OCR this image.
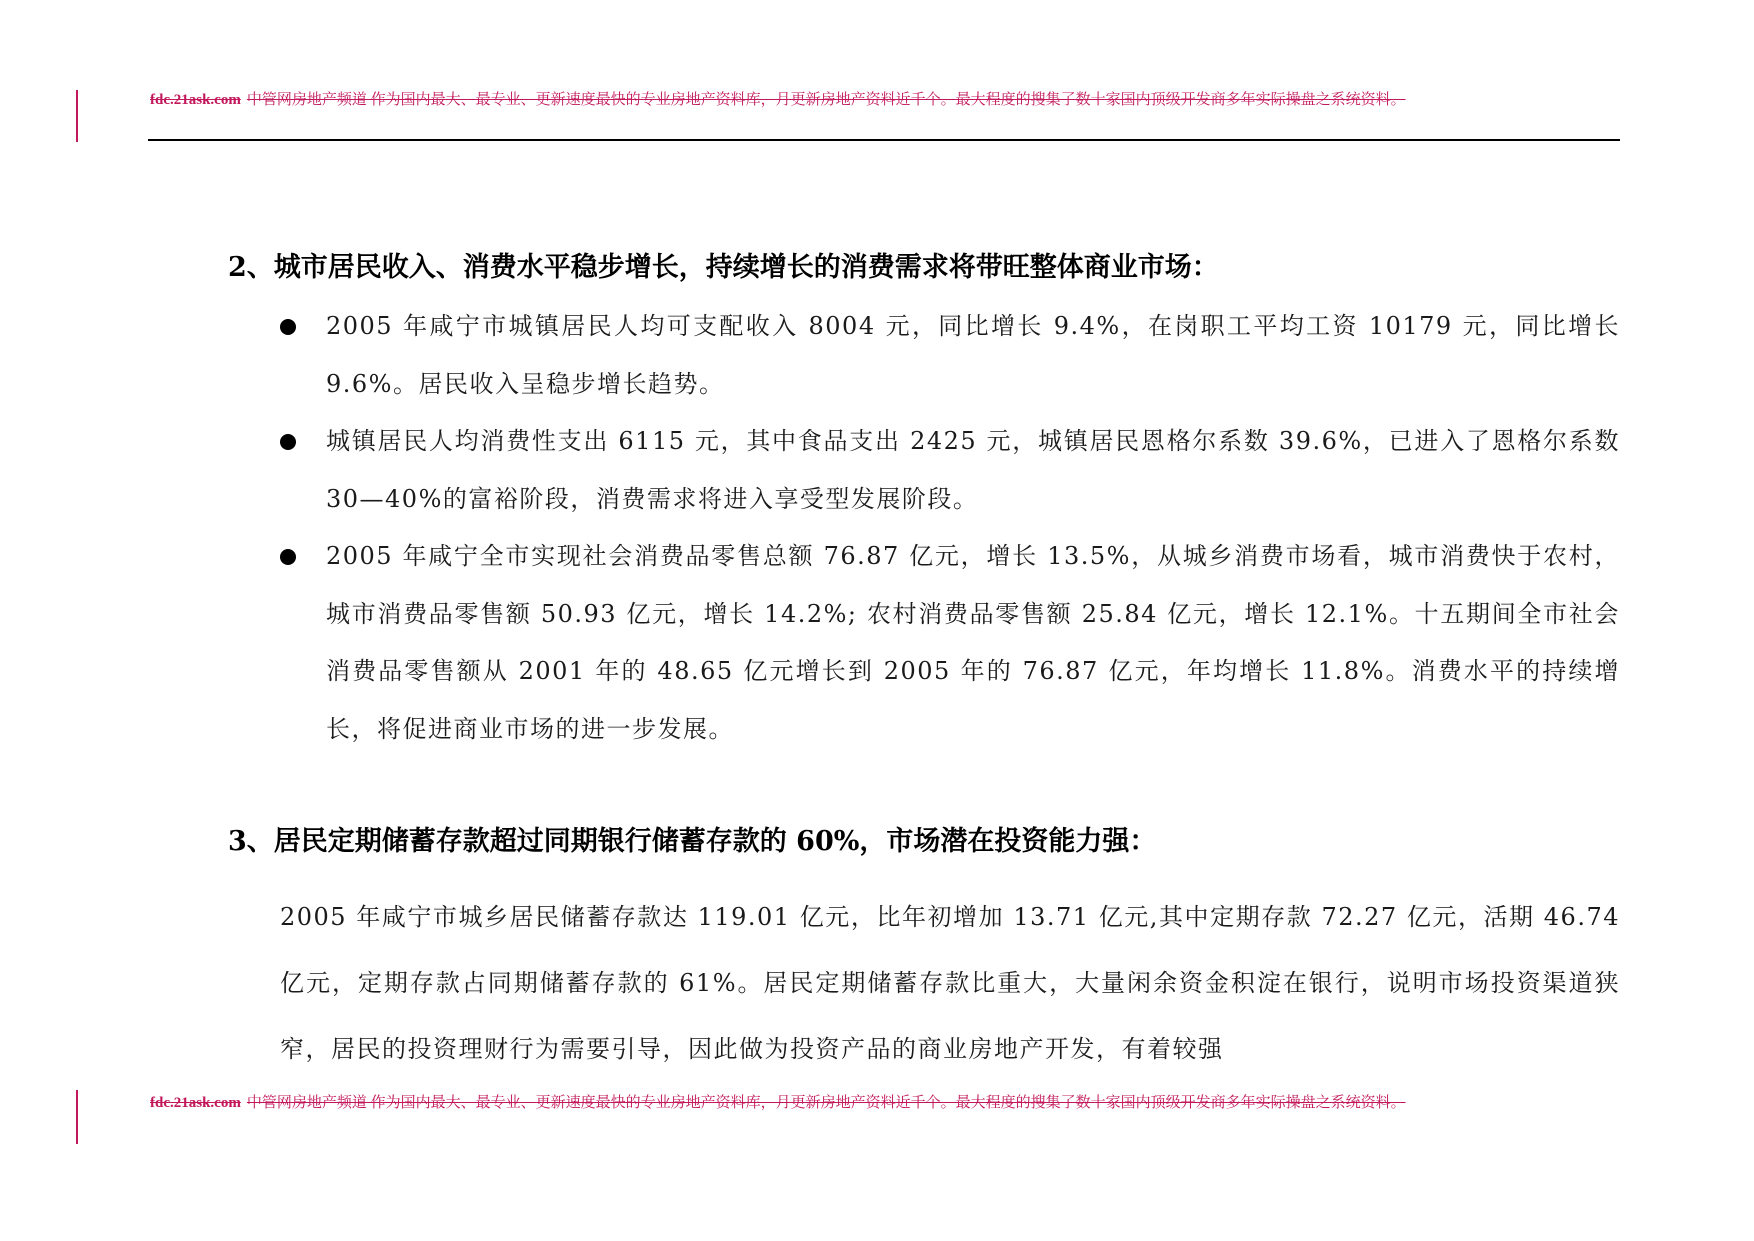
fdc.21ask.com 中管网房地产频道 作为国内最大、最专业、更新速度最快的专业房地产资料库，月更新房地产资料近千个。最大程度的搜集了数十家国内顶级开发商多年实际操盘之系统资料。
2、城市居民收入、消费水平稳步增长，持续增长的消费需求将带旺整体商业市场：
2005 年咸宁市城镇居民人均可支配收入 8004 元，同比增长 9.4%，在岗职工平均工资 10179 元，同比增长 9.6%。居民收入呈稳步增长趋势。
城镇居民人均消费性支出 6115 元，其中食品支出 2425 元，城镇居民恩格尔系数 39.6%，已进入了恩格尔系数 30—40%的富裕阶段，消费需求将进入享受型发展阶段。
2005 年咸宁全市实现社会消费品零售总额 76.87 亿元，增长 13.5%，从城乡消费市场看，城市消费快于农村，城市消费品零售额 50.93 亿元，增长 14.2%; 农村消费品零售额 25.84 亿元，增长 12.1%。十五期间全市社会消费品零售额从 2001 年的 48.65 亿元增长到 2005 年的 76.87 亿元，年均增长 11.8%。消费水平的持续增长，将促进商业市场的进一步发展。
3、居民定期储蓄存款超过同期银行储蓄存款的 60%，市场潜在投资能力强：

2005 年咸宁市城乡居民储蓄存款达 119.01 亿元，比年初增加 13.71 亿元,其中定期存款 72.27 亿元，活期 46.74 亿元，定期存款占同期储蓄存款的 61%。居民定期储蓄存款比重大，大量闲余资金积淀在银行，说明市场投资渠道狭窄，居民的投资理财行为需要引导，因此做为投资产品的商业房地产开发，有着较强

fdc.21ask.com 中管网房地产频道 作为国内最大、最专业、更新速度最快的专业房地产资料库，月更新房地产资料近千个。最大程度的搜集了数十家国内顶级开发商多年实际操盘之系统资料。
